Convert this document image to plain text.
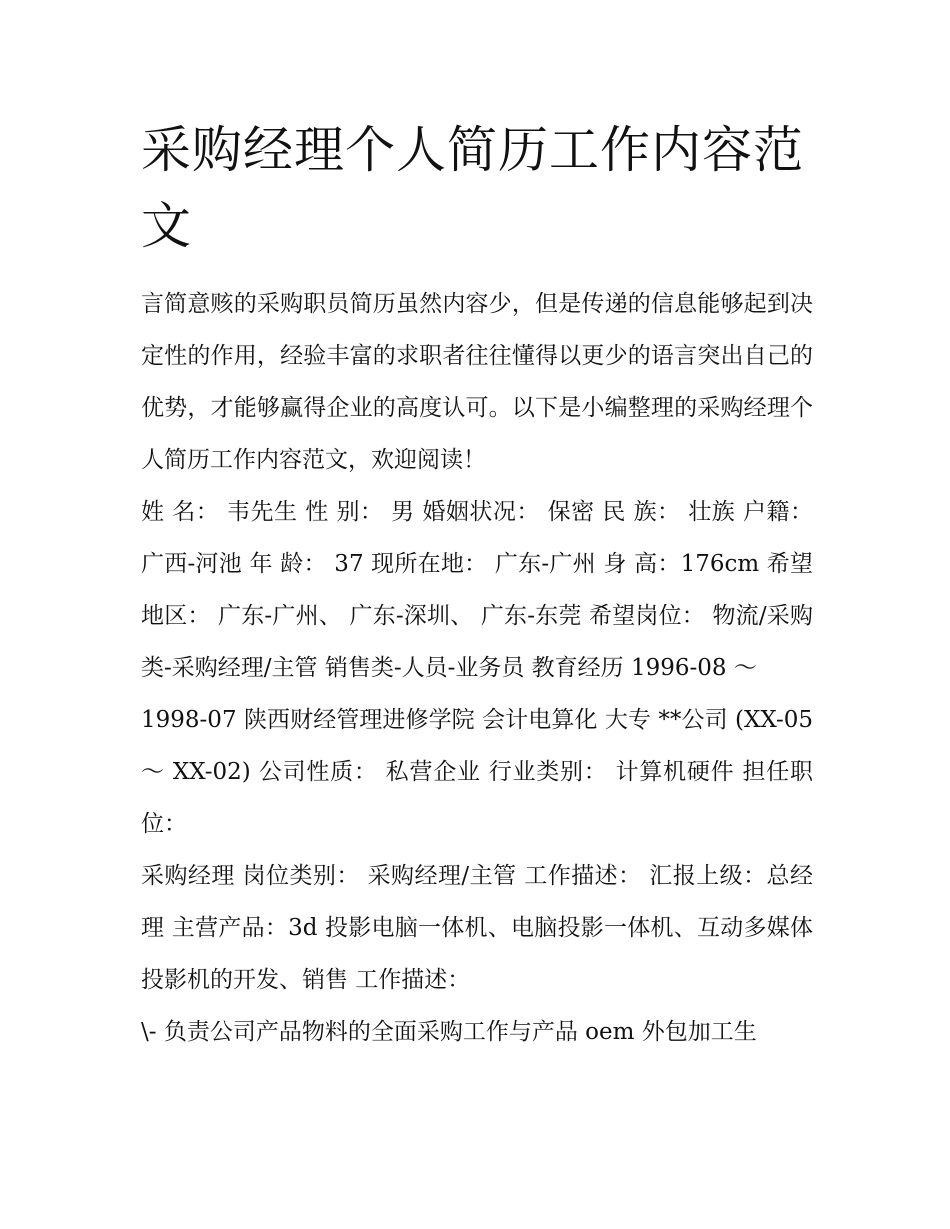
采购经理个人简历工作内容范文

言简意赅的采购职员简历虽然内容少，但是传递的信息能够起到决定性的作用，经验丰富的求职者往往懂得以更少的语言突出自己的优势，才能够赢得企业的高度认可。以下是小编整理的采购经理个人简历工作内容范文，欢迎阅读！

姓 名： 韦先生 性 别： 男 婚姻状况： 保密 民 族： 壮族 户籍： 广西-河池 年 龄： 37 现所在地： 广东-广州 身 高：176cm 希望地区： 广东-广州、 广东-深圳、 广东-东莞 希望岗位： 物流/采购类-采购经理/主管 销售类-人员-业务员 教育经历 1996-08 ～

1998-07 陕西财经管理进修学院 会计电算化 大专 **公司 (XX-05 ～ XX-02) 公司性质： 私营企业 行业类别： 计算机硬件 担任职位：

采购经理 岗位类别： 采购经理/主管 工作描述： 汇报上级：总经理 主营产品：3d 投影电脑一体机、电脑投影一体机、互动多媒体投影机的开发、销售 工作描述：

\- 负责公司产品物料的全面采购工作与产品 oem 外包加工生
